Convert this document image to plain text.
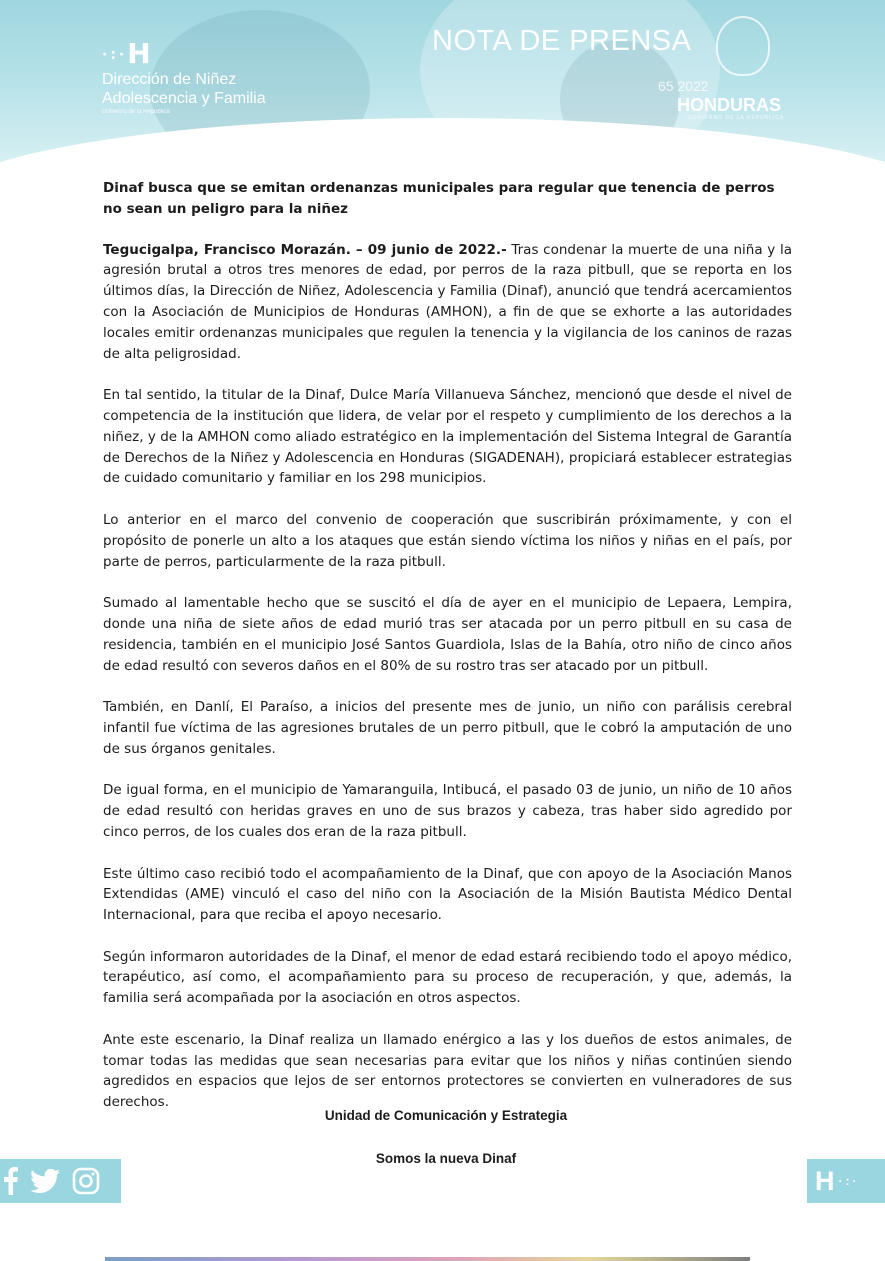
·:·H
Dirección de Niñez
Adolescencia y Familia
Gobierno de la República
NOTA DE PRENSA
65 2022
HONDURAS
GOBIERNO DE LA REPÚBLICA

Dinaf busca que se emitan ordenanzas municipales para regular que tenencia de perros no sean un peligro para la niñez

Tegucigalpa, Francisco Morazán. – 09 junio de 2022.- Tras condenar la muerte de una niña y la agresión brutal a otros tres menores de edad, por perros de la raza pitbull, que se reporta en los últimos días, la Dirección de Niñez, Adolescencia y Familia (Dinaf), anunció que tendrá acercamientos con la Asociación de Municipios de Honduras (AMHON), a fin de que se exhorte a las autoridades locales emitir ordenanzas municipales que regulen la tenencia y la vigilancia de los caninos de razas de alta peligrosidad.

En tal sentido, la titular de la Dinaf, Dulce María Villanueva Sánchez, mencionó que desde el nivel de competencia de la institución que lidera, de velar por el respeto y cumplimiento de los derechos a la niñez, y de la AMHON como aliado estratégico en la implementación del Sistema Integral de Garantía de Derechos de la Niñez y Adolescencia en Honduras (SIGADENAH), propiciará establecer estrategias de cuidado comunitario y familiar en los 298 municipios.

Lo anterior en el marco del convenio de cooperación que suscribirán próximamente, y con el propósito de ponerle un alto a los ataques que están siendo víctima los niños y niñas en el país, por parte de perros, particularmente de la raza pitbull.

Sumado al lamentable hecho que se suscitó el día de ayer en el municipio de Lepaera, Lempira, donde una niña de siete años de edad murió tras ser atacada por un perro pitbull en su casa de residencia, también en el municipio José Santos Guardiola, Islas de la Bahía, otro niño de cinco años de edad resultó con severos daños en el 80% de su rostro tras ser atacado por un pitbull.

También, en Danlí, El Paraíso, a inicios del presente mes de junio, un niño con parálisis cerebral infantil fue víctima de las agresiones brutales de un perro pitbull, que le cobró la amputación de uno de sus órganos genitales.

De igual forma, en el municipio de Yamaranguila, Intibucá, el pasado 03 de junio, un niño de 10 años de edad resultó con heridas graves en uno de sus brazos y cabeza, tras haber sido agredido por cinco perros, de los cuales dos eran de la raza pitbull.

Este último caso recibió todo el acompañamiento de la Dinaf, que con apoyo de la Asociación Manos Extendidas (AME) vinculó el caso del niño con la Asociación de la Misión Bautista Médico Dental Internacional, para que reciba el apoyo necesario.

Según informaron autoridades de la Dinaf, el menor de edad estará recibiendo todo el apoyo médico, terapéutico, así como, el acompañamiento para su proceso de recuperación, y que, además, la familia será acompañada por la asociación en otros aspectos.

Ante este escenario, la Dinaf realiza un llamado enérgico a las y los dueños de estos animales, de tomar todas las medidas que sean necesarias para evitar que los niños y niñas continúen siendo agredidos en espacios que lejos de ser entornos protectores se convierten en vulneradores de sus derechos.

Unidad de Comunicación y Estrategia
Somos la nueva Dinaf
H ·:·
